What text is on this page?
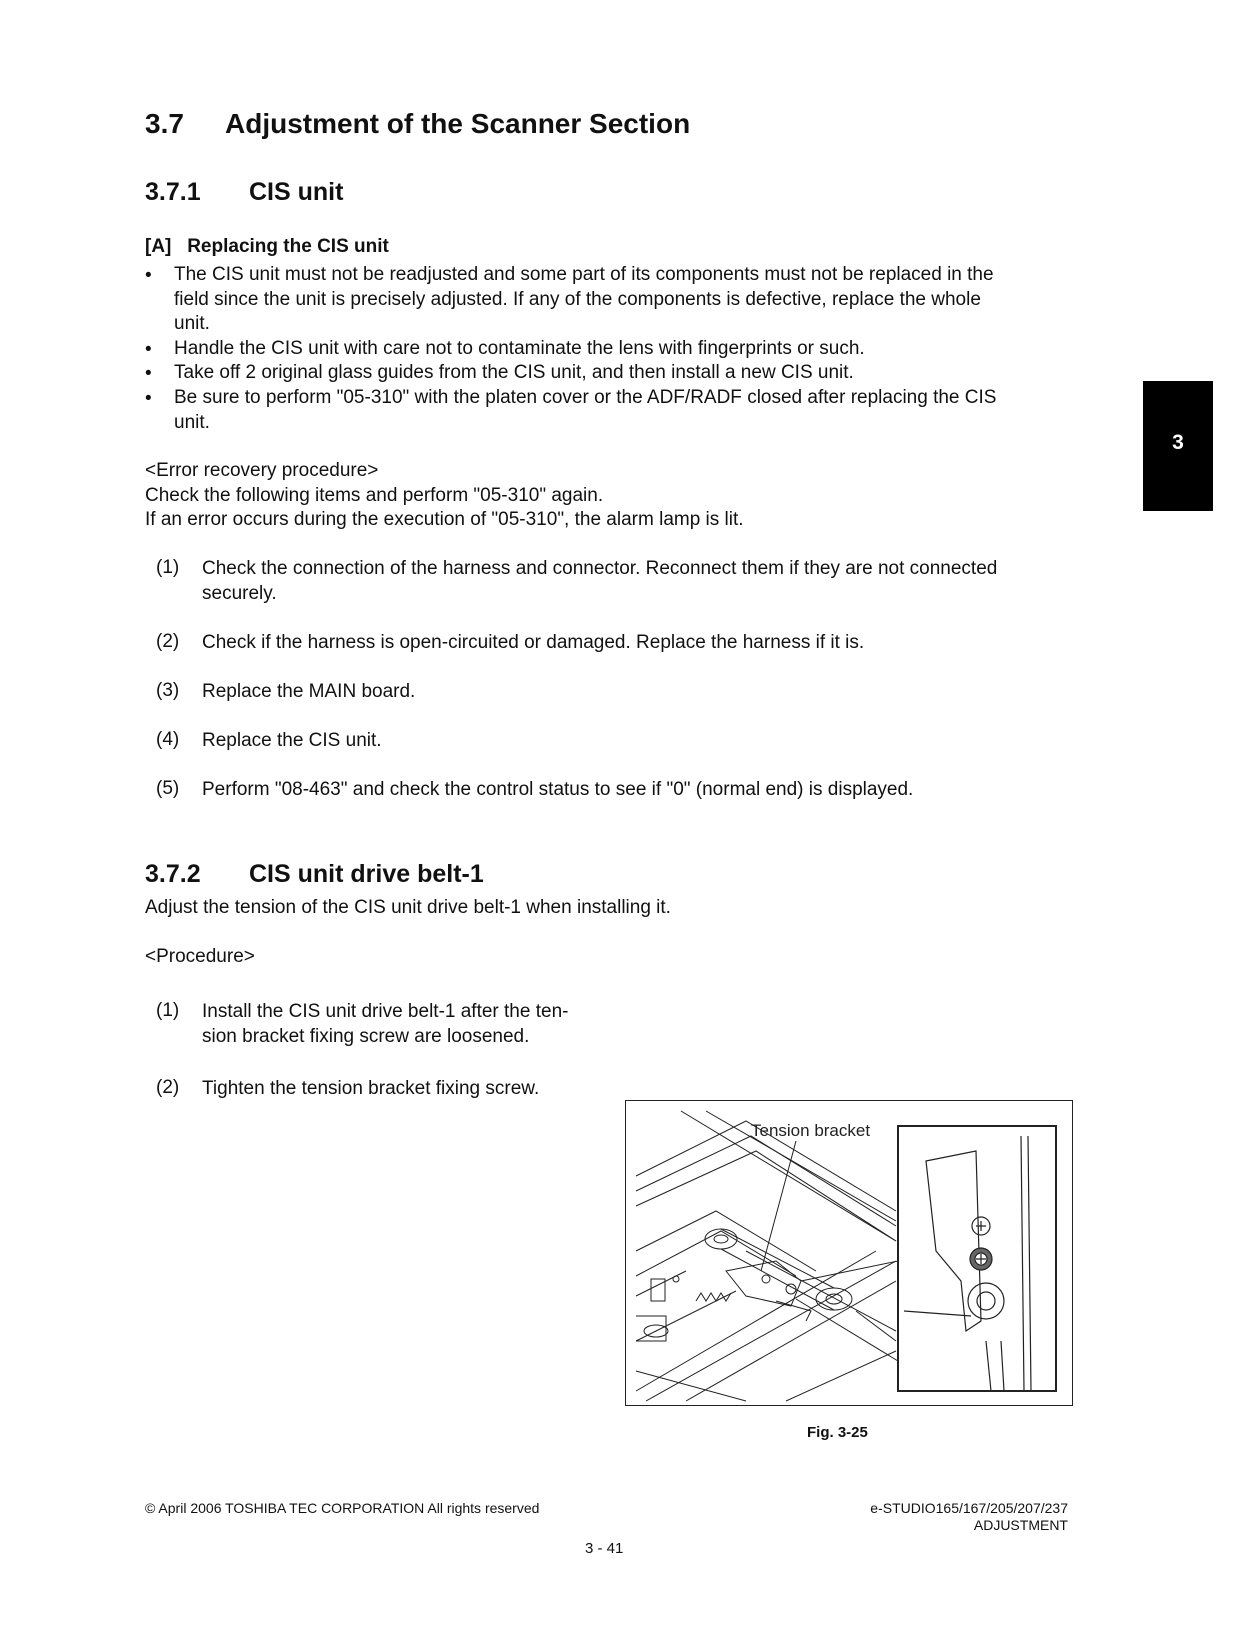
3.7 Adjustment of the Scanner Section
3.7.1 CIS unit
[A]   Replacing the CIS unit
• The CIS unit must not be readjusted and some part of its components must not be replaced in the
field since the unit is precisely adjusted. If any of the components is defective, replace the whole
unit.
• Handle the CIS unit with care not to contaminate the lens with fingerprints or such.
• Take off 2 original glass guides from the CIS unit, and then install a new CIS unit.
• Be sure to perform "05-310" with the platen cover or the ADF/RADF closed after replacing the CIS
unit.
<Error recovery procedure>
Check the following items and perform "05-310" again.
If an error occurs during the execution of "05-310", the alarm lamp is lit.
(1) Check the connection of the harness and connector. Reconnect them if they are not connected
securely.
(2) Check if the harness is open-circuited or damaged. Replace the harness if it is.
(3) Replace the MAIN board.
(4) Replace the CIS unit.
(5) Perform "08-463" and check the control status to see if "0" (normal end) is displayed.
3.7.2 CIS unit drive belt-1
Adjust the tension of the CIS unit drive belt-1 when installing it.
<Procedure>
(1) Install the CIS unit drive belt-1 after the ten-
sion bracket fixing screw are loosened.
(2) Tighten the tension bracket fixing screw.
3
Tension bracket
Fig. 3-25
© April 2006 TOSHIBA TEC CORPORATION All rights reserved	e-STUDIO165/167/205/207/237
ADJUSTMENT
3 - 41
